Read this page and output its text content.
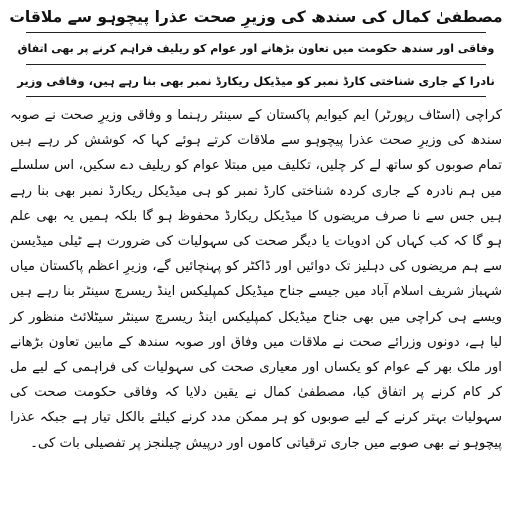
مصطفیٰ کمال کی سندھ کی وزیرِ صحت عذرا پیچوہو سے ملاقات
وفاقی اور سندھ حکومت میں تعاون بڑھانے اور عوام کو ریلیف فراہم کرنے پر بھی اتفاق
نادرا کے جاری شناختی کارڈ نمبر کو میڈیکل ریکارڈ نمبر بھی بنا رہے ہیں، وفاقی وزیر
کراچی (اسٹاف رپورٹر) ایم کیوایم پاکستان کے سینئر رہنما و وفاقی وزیرِ صحت نے صوبہ سندھ کی وزیرِ صحت عذرا پیچوہو سے ملاقات کرتے ہوئے کہا کہ کوشش کر رہے ہیں تمام صوبوں کو ساتھ لے کر چلیں، تکلیف میں مبتلا عوام کو ریلیف دے سکیں، اس سلسلے میں ہم نادرہ کے جاری کردہ شناختی کارڈ نمبر کو ہی میڈیکل ریکارڈ نمبر بھی بنا رہے ہیں جس سے نا صرف مریضوں کا میڈیکل ریکارڈ محفوظ ہو گا بلکہ ہمیں یہ بھی علم ہو گا کہ کب کہاں کن ادویات یا دیگر صحت کی سہولیات کی ضرورت ہے ٹیلی میڈیسن سے ہم مریضوں کی دہلیز تک دوائیں اور ڈاکٹر کو پہنچائیں گے، وزیرِ اعظم پاکستان میاں شہباز شریف اسلام آباد میں جیسے جناح میڈیکل کمپلیکس اینڈ ریسرچ سینٹر بنا رہے ہیں ویسے ہی کراچی میں بھی جناح میڈیکل کمپلیکس اینڈ ریسرچ سینٹر سیٹلائٹ منظور کر لیا ہے، دونوں وزرائے صحت نے ملاقات میں وفاق اور صوبہ سندھ کے مابین تعاون بڑھانے اور ملک بھر کے عوام کو یکساں اور معیاری صحت کی سہولیات کی فراہمی کے لیے مل کر کام کرنے پر اتفاق کیا، مصطفیٰ کمال نے یقین دلایا کہ وفاقی حکومت صحت کی سہولیات بہتر کرنے کے لیے صوبوں کو ہر ممکن مدد کرنے کیلئے بالکل تیار ہے جبکہ عذرا پیچوہو نے بھی صوبے میں جاری ترقیاتی کاموں اور درپیش چیلنجز پر تفصیلی بات کی۔
